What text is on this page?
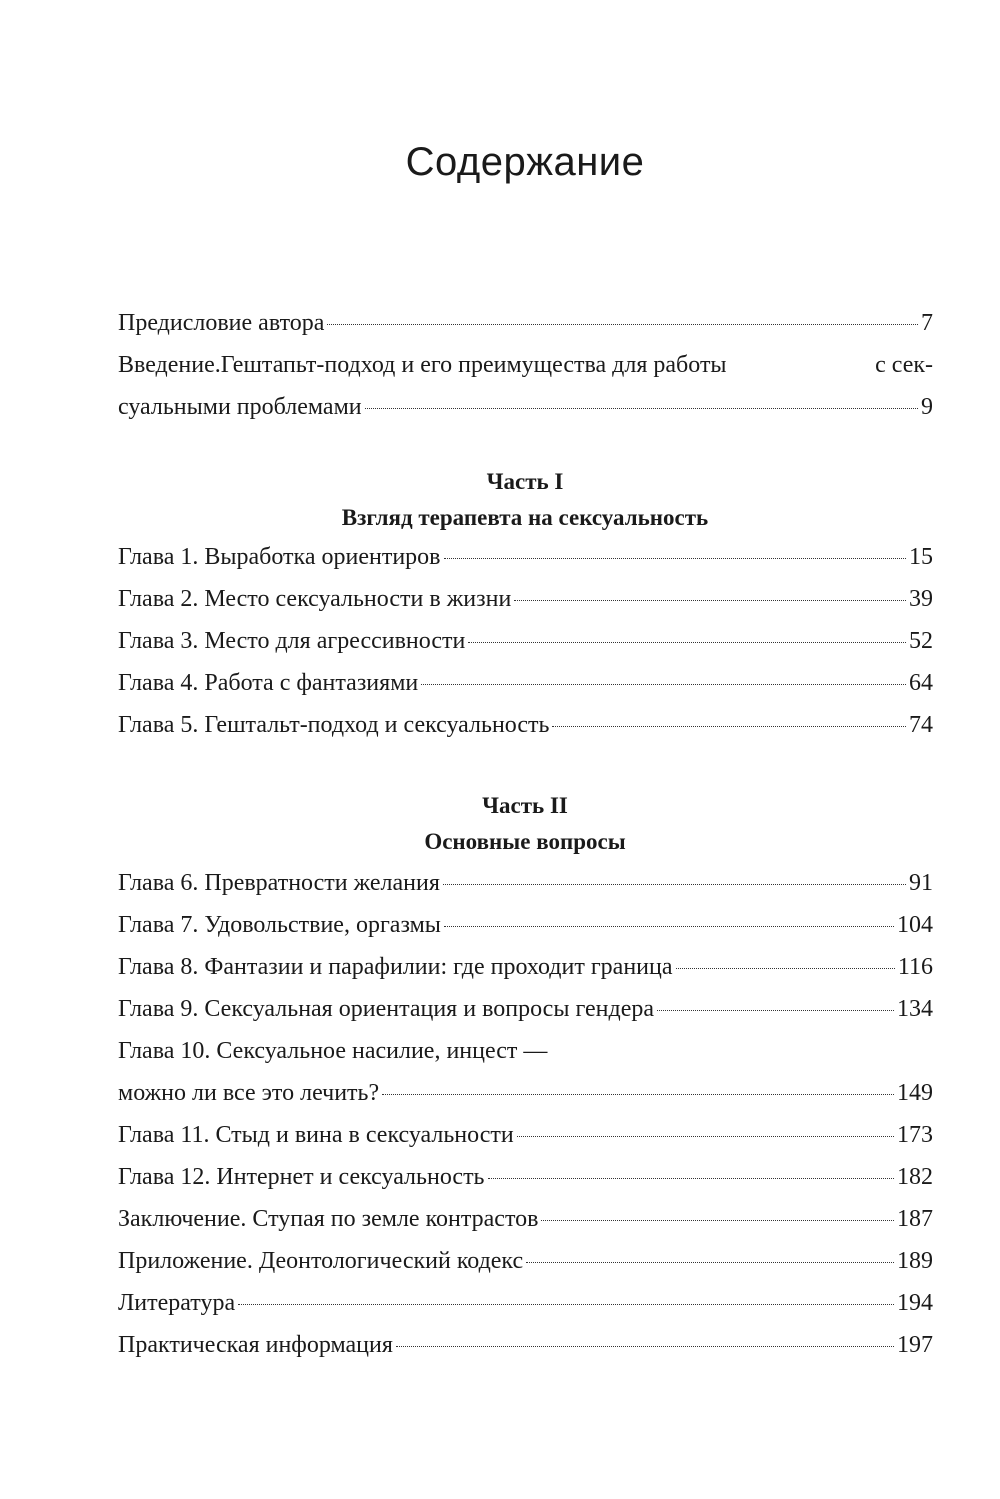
Содержание
Предисловие автора	7
Введение.Гештапьт-подход и его преимущества для работы	с сек-
суальными проблемами	9
Часть I
Взгляд терапевта на сексуальность
Глава 1. Выработка ориентиров	15
Глава 2. Место сексуальности в жизни	39
Глава 3. Место для агрессивности	52
Глава 4. Работа с фантазиями	64
Глава 5. Гештальт-подход и сексуальность	74
Часть II
Основные вопросы
Глава 6. Превратности желания	91
Глава 7. Удовольствие, оргазмы	104
Глава 8. Фантазии и парафилии: где проходит граница	116
Глава 9. Сексуальная ориентация и вопросы гендера	134
Глава 10. Сексуальное насилие, инцест —
можно ли все это лечить?	149
Глава 11. Стыд и вина в сексуальности	173
Глава 12. Интернет и сексуальность	182
Заключение. Ступая по земле контрастов	187
Приложение. Деонтологический кодекс	189
Литература	194
Практическая информация	197
